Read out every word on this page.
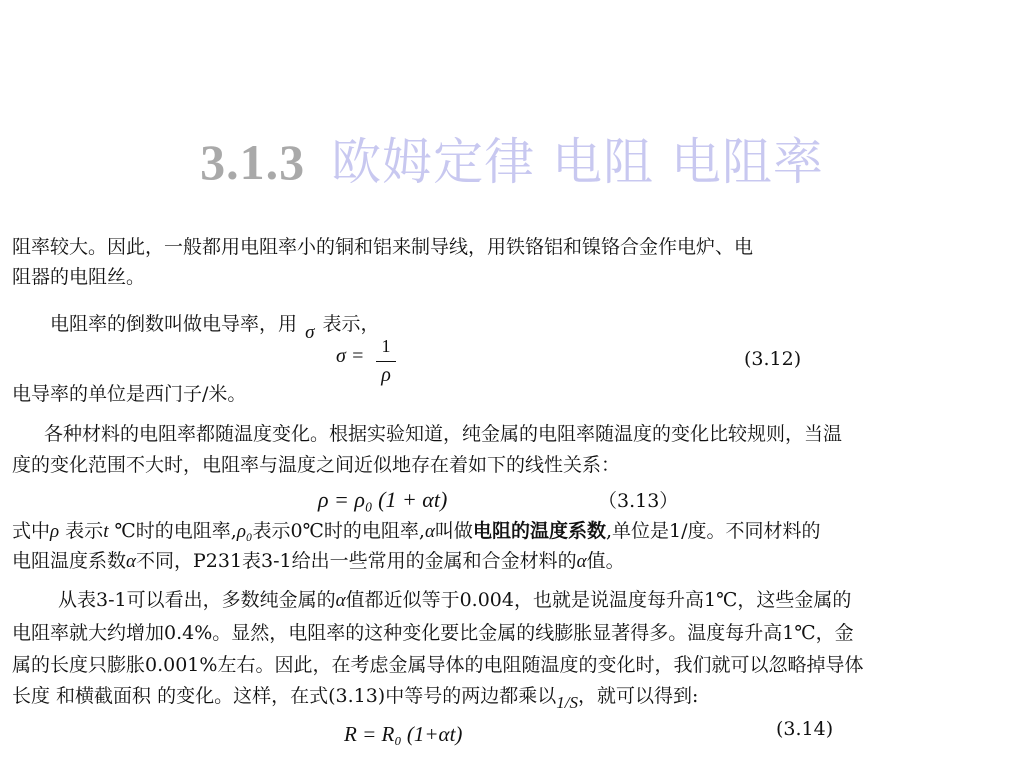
3.1.3 欧姆定律 电阻 电阻率
阻率较大。因此，一般都用电阻率小的铜和铝来制导线，用铁铬铝和镍铬合金作电炉、电
阻器的电阻丝。
电阻率的倒数叫做电导率，用 σ 表示，
σ = 1
ρ
(3.12)
电导率的单位是西门子/米。
各种材料的电阻率都随温度变化。根据实验知道，纯金属的电阻率随温度的变化比较规则，当温
度的变化范围不大时，电阻率与温度之间近似地存在着如下的线性关系：
ρ = ρ₀ (1 + αt)	（3.13）
式中ρ 表示t ℃时的电阻率,ρ₀表示0℃时的电阻率,α叫做电阻的温度系数,单位是1/度。不同材料的
电阻温度系数α不同，P231表3-1给出一些常用的金属和合金材料的α值。
从表3-1可以看出，多数纯金属的α值都近似等于0.004，也就是说温度每升高1℃，这些金属的
电阻率就大约增加0.4%。显然，电阻率的这种变化要比金属的线膨胀显著得多。温度每升高1℃，金
属的长度只膨胀0.001%左右。因此，在考虑金属导体的电阻随温度的变化时，我们就可以忽略掉导体
长度 和横截面积 的变化。这样，在式(3.13)中等号的两边都乘以1/S，就可以得到:
R = R₀ (1+αt)	(3.14)
